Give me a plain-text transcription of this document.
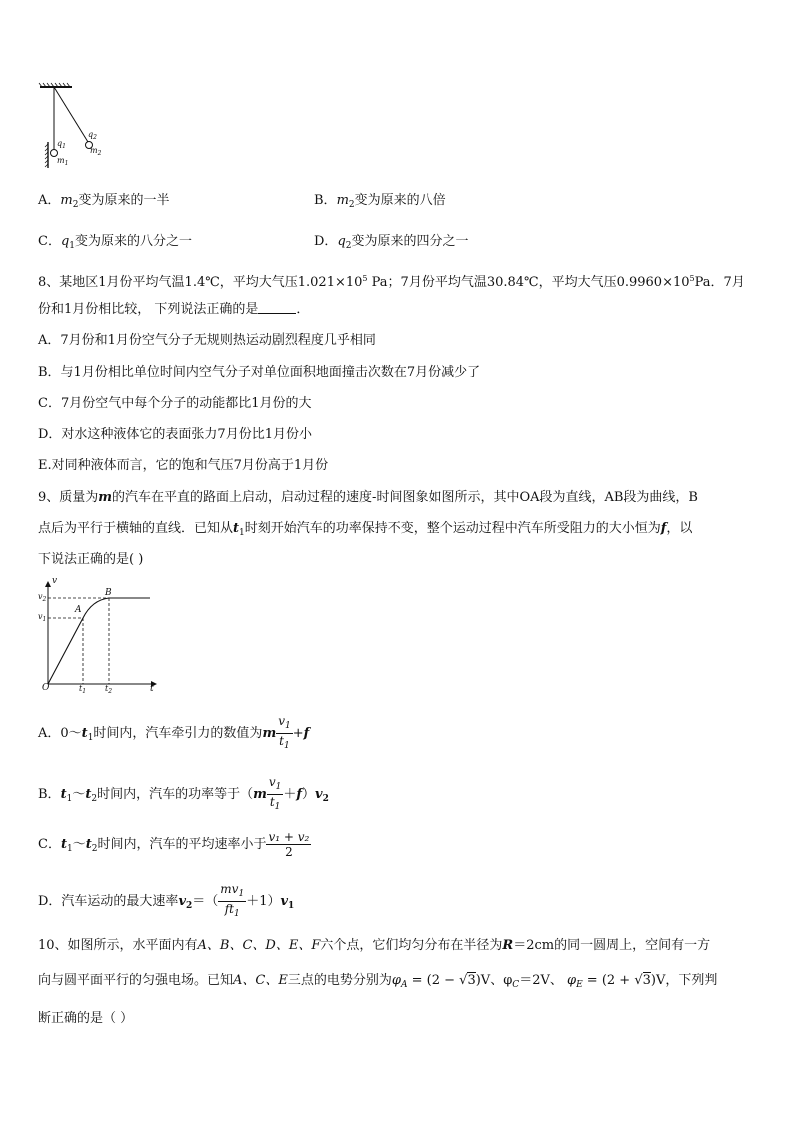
$q_1$
$m_1$
$q_2$
$m_2$
A．$m_2$变为原来的一半	B．$m_2$变为原来的八倍
C．$q_1$变为原来的八分之一	D．$q_2$变为原来的四分之一
8、某地区1月份平均气温1.4℃，平均大气压$1.021\times 10^5$ Pa；7月份平均气温30.84℃，平均大气压$0.9960\times 10^5Pa$．7月
份和1月份相比较， 下列说法正确的是	．
A．7月份和1月份空气分子无规则热运动剧烈程度几乎相同
B．与1月份相比单位时间内空气分子对单位面积地面撞击次数在7月份减少了
C．7月份空气中每个分子的动能都比1月份的大
D．对水这种液体它的表面张力7月份比1月份小
E.对同种液体而言，它的饱和气压7月份高于1月份
9、质量为m的汽车在平直的路面上启动，启动过程的速度-时间图象如图所示，其中OA段为直线，AB段为曲线，B
点后为平行于横轴的直线．已知从$t_1$时刻开始汽车的功率保持不变，整个运动过程中汽车所受阻力的大小恒为f，以
下说法正确的是( )
v
t
O
A
B
$v_2$
$v_1$
$t_1$ $t_2$
A．$0\sim t_1$时间内，汽车牵引力的数值为m $\frac{v_1}{t_1} +f$
B．$t_1\sim t_2$时间内，汽车的功率等于$(m \frac{v_1}{t_1} +f)v_2$
C．$t_1\sim t_2$时间内，汽车的平均速率小于 $\frac{\text{v₁ + v₂}}{2}$
D．汽车运动的最大速率$v_2=( \frac{mv_1}{ft_1} +1)v_1$
10、如图所示，水平面内有A、B、C、D、E、F六个点，它们均匀分布在半径为R＝2cm的同一圆周上，空间有一方
向与圆平面平行的匀强电场。已知A、C、E三点的电势分别为$\varphi_A = (2 - √3)V$、$\varphi_C=2V$、 $\varphi_E = (2 + √3)V$，下列判
断正确的是（ ）
